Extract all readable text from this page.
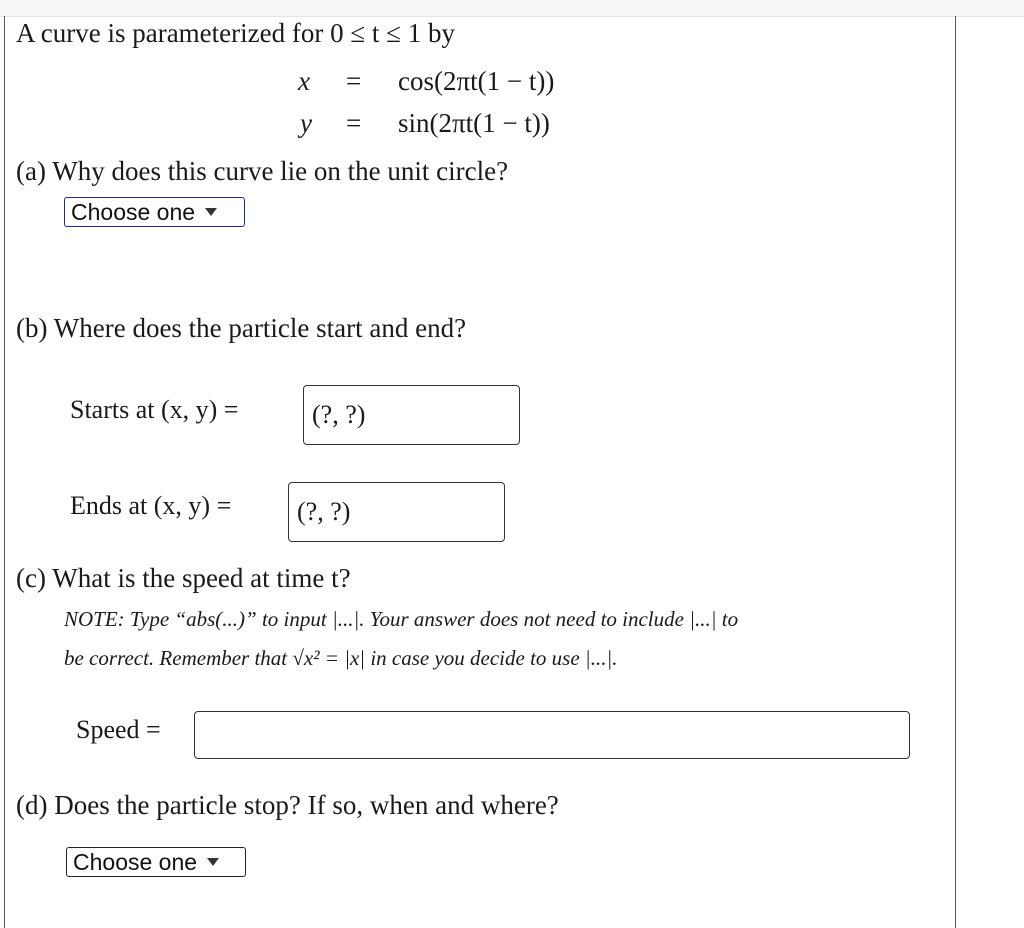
A curve is parameterized for 0 ≤ t ≤ 1 by
x = cos(2πt(1 − t))
y = sin(2πt(1 − t))
(a) Why does this curve lie on the unit circle?
Choose one
(b) Where does the particle start and end?
Starts at (x, y) =	(?, ?)
Ends at (x, y) =	(?, ?)
(c) What is the speed at time t?
NOTE: Type “abs(...)” to input |...|. Your answer does not need to include |...| to
be correct. Remember that √x² = |x| in case you decide to use |...|.
Speed =
(d) Does the particle stop? If so, when and where?
Choose one
